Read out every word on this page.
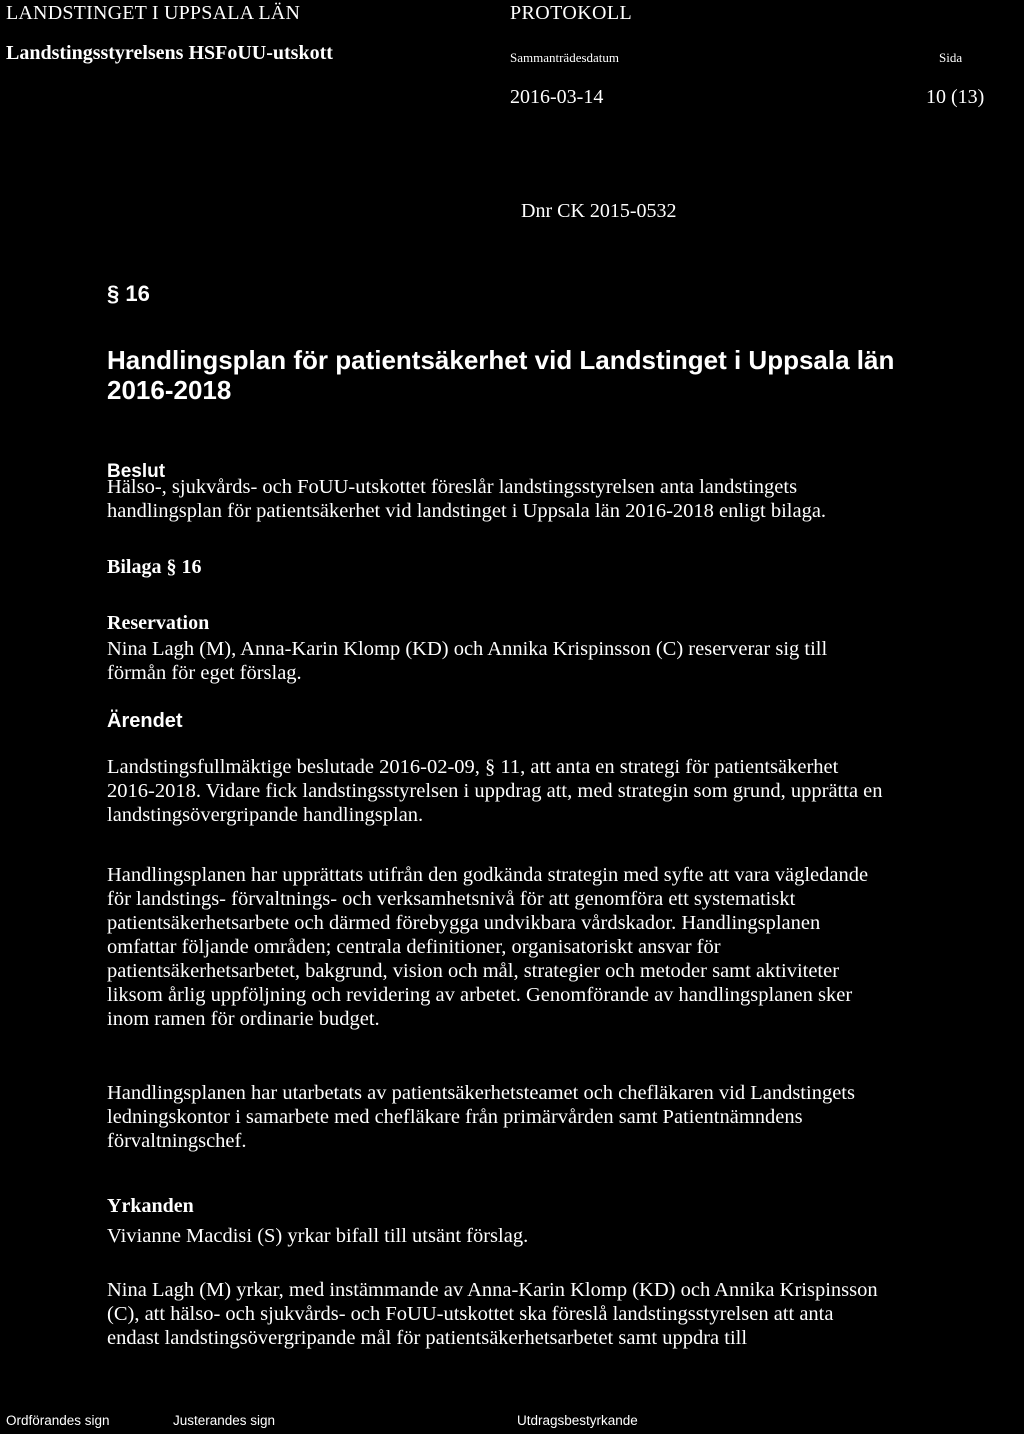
LANDSTINGET I UPPSALA LÄN
Landstingsstyrelsens HSFoUU-utskott
PROTOKOLL
Sammanträdesdatum	Sida
2016-03-14	10 (13)
Dnr CK 2015-0532
§ 16
Handlingsplan för patientsäkerhet vid Landstinget i Uppsala län
2016-2018
Beslut
Hälso-, sjukvårds- och FoUU-utskottet föreslår landstingsstyrelsen anta landstingets
handlingsplan för patientsäkerhet vid landstinget i Uppsala län 2016-2018 enligt bilaga.
Bilaga § 16
Reservation
Nina Lagh (M), Anna-Karin Klomp (KD) och Annika Krispinsson (C) reserverar sig till
förmån för eget förslag.
Ärendet
Landstingsfullmäktige beslutade 2016-02-09, § 11, att anta en strategi för patientsäkerhet
2016-2018. Vidare fick landstingsstyrelsen i uppdrag att, med strategin som grund, upprätta en
landstingsövergripande handlingsplan.
Handlingsplanen har upprättats utifrån den godkända strategin med syfte att vara vägledande
för landstings- förvaltnings- och verksamhetsnivå för att genomföra ett systematiskt
patientsäkerhetsarbete och därmed förebygga undvikbara vårdskador. Handlingsplanen
omfattar följande områden; centrala definitioner, organisatoriskt ansvar för
patientsäkerhetsarbetet, bakgrund, vision och mål, strategier och metoder samt aktiviteter
liksom årlig uppföljning och revidering av arbetet. Genomförande av handlingsplanen sker
inom ramen för ordinarie budget.
Handlingsplanen har utarbetats av patientsäkerhetsteamet och chefläkaren vid Landstingets
ledningskontor i samarbete med chefläkare från primärvården samt Patientnämndens
förvaltningschef.
Yrkanden
Vivianne Macdisi (S) yrkar bifall till utsänt förslag.
Nina Lagh (M) yrkar, med instämmande av Anna-Karin Klomp (KD) och Annika Krispinsson
(C), att hälso- och sjukvårds- och FoUU-utskottet ska föreslå landstingsstyrelsen att anta
endast landstingsövergripande mål för patientsäkerhetsarbetet samt uppdra till
Ordförandes sign	Justerandes sign	Utdragsbestyrkande
